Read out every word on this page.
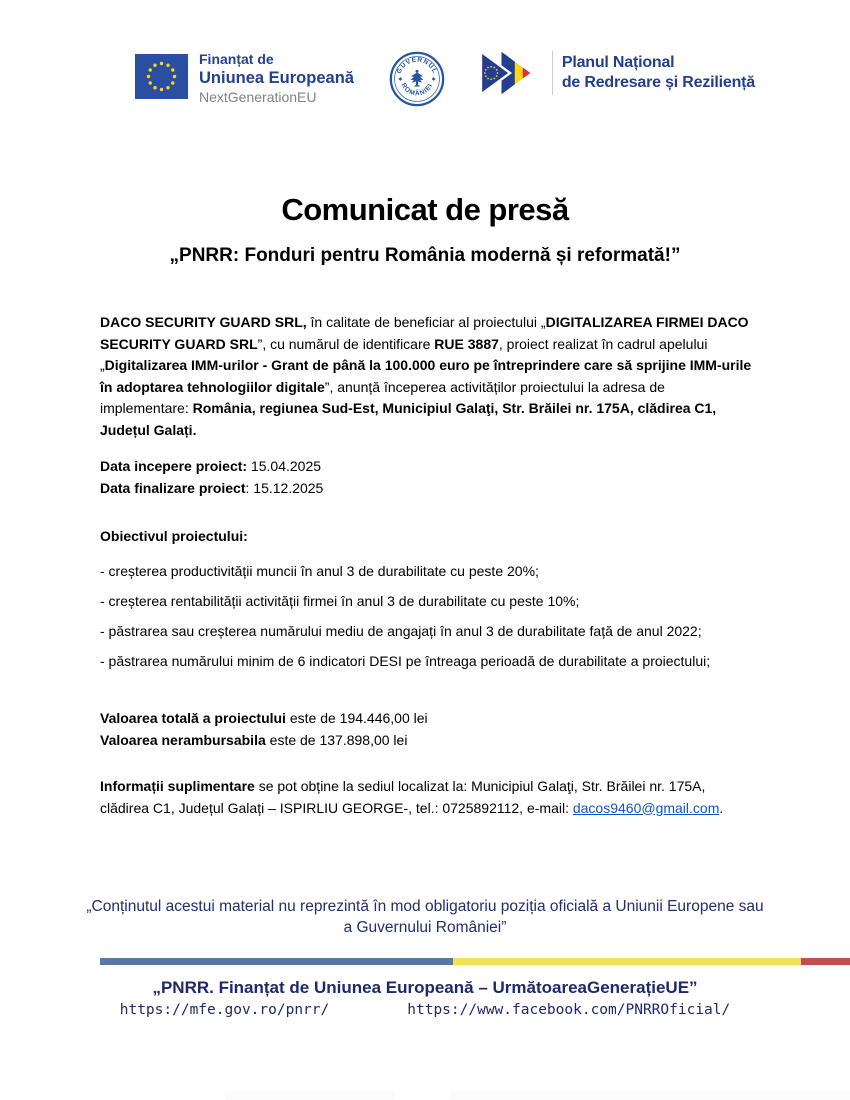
Finanțat de
Uniunea Europeană
NextGenerationEU
GUVERNUL
ROMÂNIEI
Planul Național
de Redresare și Reziliență
Comunicat de presă
„PNRR: Fonduri pentru România modernă și reformată!”
DACO SECURITY GUARD SRL, în calitate de beneficiar al proiectului „DIGITALIZAREA FIRMEI DACO SECURITY GUARD SRL”, cu numărul de identificare RUE 3887, proiect realizat în cadrul apelului „Digitalizarea IMM-urilor - Grant de până la 100.000 euro pe întreprindere care să sprijine IMM-urile în adoptarea tehnologiilor digitale”, anunță începerea activităților proiectului la adresa de implementare: România, regiunea Sud-Est, Municipiul Galaţi, Str. Brăilei nr. 175A, clădirea C1, Județul Galați.
Data incepere proiect: 15.04.2025
Data finalizare proiect: 15.12.2025
Obiectivul proiectului:

- creșterea productivității muncii în anul 3 de durabilitate cu peste 20%;

- creșterea rentabilității activității firmei în anul 3 de durabilitate cu peste 10%;

- păstrarea sau creșterea numărului mediu de angajați în anul 3 de durabilitate față de anul 2022;

- păstrarea numărului minim de 6 indicatori DESI pe întreaga perioadă de durabilitate a proiectului;

Valoarea totală a proiectului este de 194.446,00 lei
Valoarea nerambursabila este de 137.898,00 lei
Informații suplimentare se pot obține la sediul localizat la: Municipiul Galaţi, Str. Brăilei nr. 175A, clădirea C1, Județul Galați – ISPIRLIU GEORGE-, tel.: 0725892112, e-mail: dacos9460@gmail.com.
„Conținutul acestui material nu reprezintă în mod obligatoriu poziția oficială a Uniunii Europene sau a Guvernului României”
„PNRR. Finanțat de Uniunea Europeană – UrmătoareaGenerațieUE”
https://mfe.gov.ro/pnrr/	https://www.facebook.com/PNRROficial/
